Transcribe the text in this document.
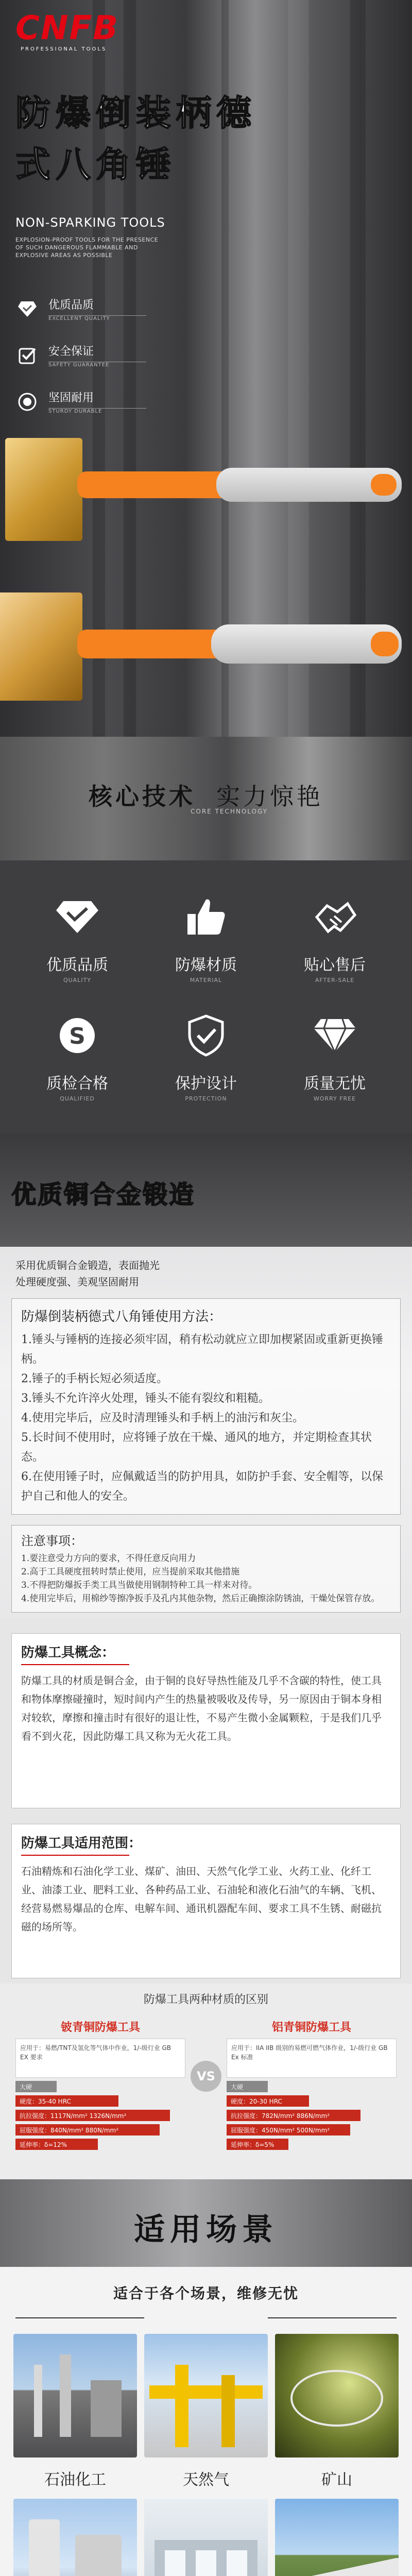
CNFB
PROFESSIONAL TOOLS
防爆倒装柄德
式八角锤
NON-SPARKING TOOLS
EXPLOSION-PROOF TOOLS FOR THE PRESENCE OF SUCH DANGEROUS FLAMMABLE AND EXPLOSIVE AREAS AS POSSIBLE
优质品质
EXCELLENT QUALITY
安全保证
SAFETY GUARANTEE
坚固耐用
STURDY DURABLE
核心技术 实力惊艳
CORE TECHNOLOGY
优质品质
QUALITY
防爆材质
MATERIAL
贴心售后
AFTER-SALE
S
质检合格
QUALIFIED
保护设计
PROTECTION
质量无忧
WORRY FREE
优质铜合金锻造
采用优质铜合金锻造，表面抛光
处理硬度强、美观坚固耐用
防爆倒装柄德式八角锤使用方法：
1.锤头与锤柄的连接必须牢固，稍有松动就应立即加楔紧固或重新更换锤柄。
2.锤子的手柄长短必须适度。
3.锤头不允许淬火处理，锤头不能有裂纹和粗糙。
4.使用完毕后，应及时清理锤头和手柄上的油污和灰尘。
5.长时间不使用时，应将锤子放在干燥、通风的地方，并定期检查其状态。
6.在使用锤子时，应佩戴适当的防护用具，如防护手套、安全帽等，以保护自己和他人的安全。
注意事项：
1.要注意受力方向的要求，不得任意反向用力
2.高于工具硬度扭转时禁止使用，应当提前采取其他措施
3.不得把防爆扳手类工具当做使用钢制特种工具一样来对待。
4.使用完毕后，用棉纱等擦净扳手及孔内其他杂物，然后正确擦涂防锈油，干燥处保管存放。
防爆工具概念：
防爆工具的材质是铜合金，由于铜的良好导热性能及几乎不含碳的特性，使工具和物体摩擦碰撞时，短时间内产生的热量被吸收及传导，另一原因由于铜本身相对较软，摩擦和撞击时有很好的退让性，不易产生微小金属颗粒，于是我们几乎看不到火花，因此防爆工具又称为无火花工具。
防爆工具适用范围：
石油精炼和石油化学工业、煤矿、油田、天然气化学工业、火药工业、化纤工业、油漆工业、肥料工业、各种药品工业、石油轮和液化石油气的车辆、飞机、经营易燃易爆品的仓库、电解车间、通讯机器配车间、要求工具不生锈、耐磁抗磁的场所等。
防爆工具两种材质的区别
铍青铜防爆工具
应用于：易燃/TNT及氢化等气体中作业，1/-级行业 GB EX 要求
大硬
硬度：35-40 HRC
抗拉强度：1117N/mm² 1326N/mm²
屈服强度：840N/mm² 880N/mm²
延伸率：δ=12%
VS
铝青铜防爆工具
应用于：IIA IIB 级别的易燃可燃气体作业，1/-级行业 GB Ex 标准
大硬
硬度：20-30 HRC
抗拉强度：782N/mm² 886N/mm²
屈服强度：450N/mm² 500N/mm²
延伸率：δ=5%
适用场景
适合于各个场景，维修无忧
石油化工	天然气	矿山
